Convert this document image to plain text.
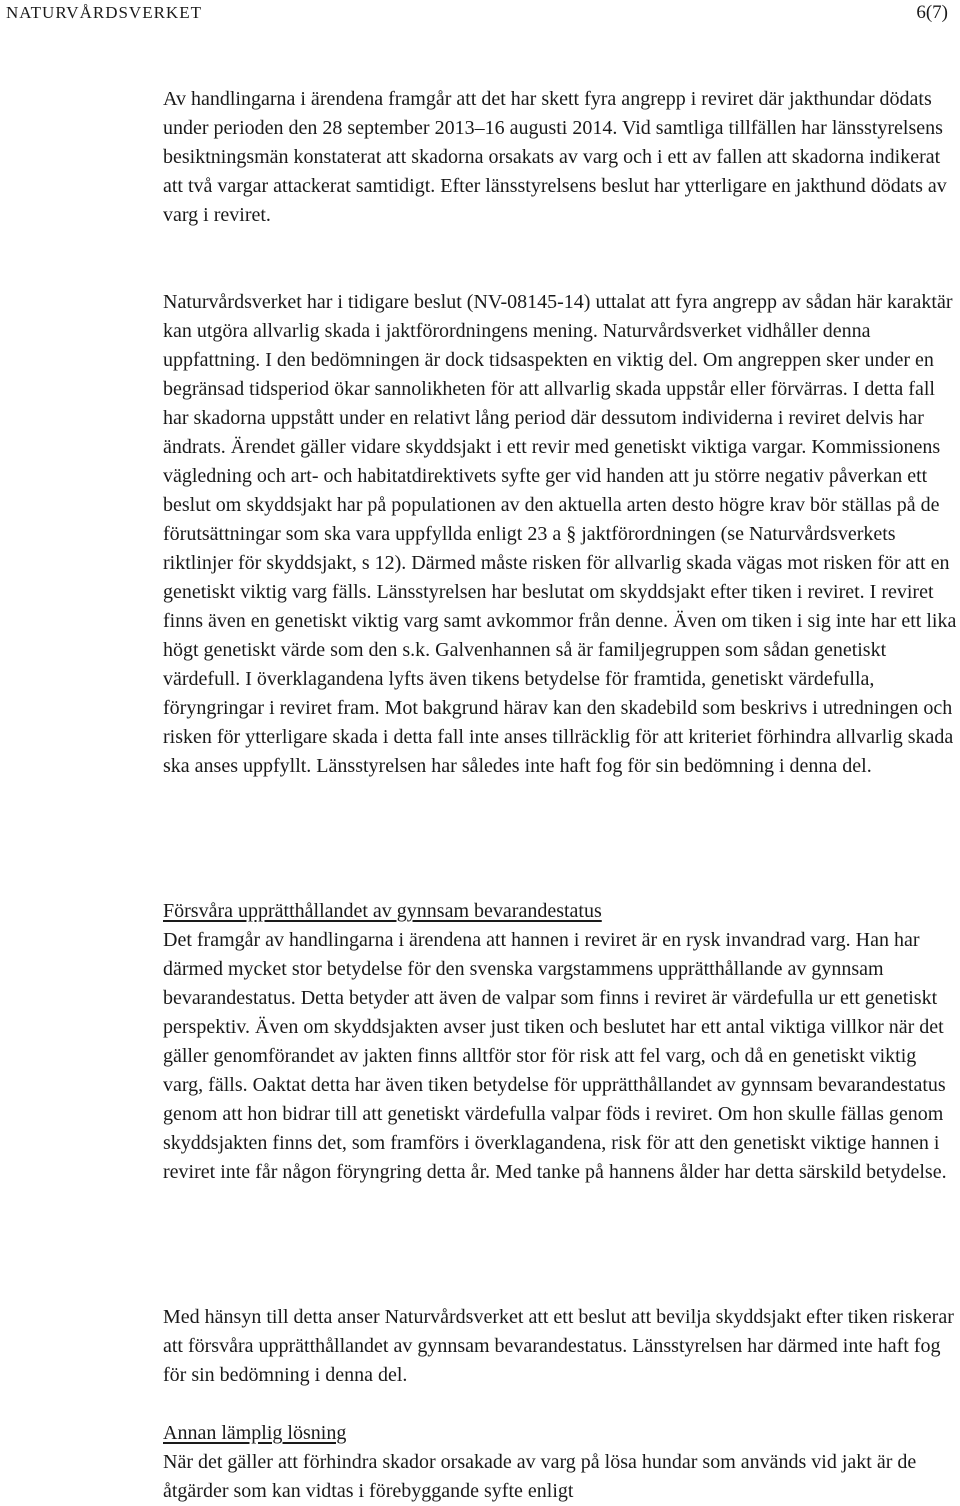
NATURVÅRDSVERKET	6(7)

Av handlingarna i ärendena framgår att det har skett fyra angrepp i reviret där jakthundar dödats under perioden den 28 september 2013–16 augusti 2014. Vid samtliga tillfällen har länsstyrelsens besiktningsmän konstaterat att skadorna orsakats av varg och i ett av fallen att skadorna indikerat att två vargar attackerat samtidigt. Efter länsstyrelsens beslut har ytterligare en jakthund dödats av varg i reviret.

Naturvårdsverket har i tidigare beslut (NV-08145-14) uttalat att fyra angrepp av sådan här karaktär kan utgöra allvarlig skada i jaktförordningens mening. Naturvårdsverket vidhåller denna uppfattning. I den bedömningen är dock tidsaspekten en viktig del. Om angreppen sker under en begränsad tidsperiod ökar sannolikheten för att allvarlig skada uppstår eller förvärras. I detta fall har skadorna uppstått under en relativt lång period där dessutom individerna i reviret delvis har ändrats. Ärendet gäller vidare skyddsjakt i ett revir med genetiskt viktiga vargar. Kommissionens vägledning och art- och habitatdirektivets syfte ger vid handen att ju större negativ påverkan ett beslut om skyddsjakt har på populationen av den aktuella arten desto högre krav bör ställas på de förutsättningar som ska vara uppfyllda enligt 23 a § jaktförordningen (se Naturvårdsverkets riktlinjer för skyddsjakt, s 12). Därmed måste risken för allvarlig skada vägas mot risken för att en genetiskt viktig varg fälls. Länsstyrelsen har beslutat om skyddsjakt efter tiken i reviret. I reviret finns även en genetiskt viktig varg samt avkommor från denne. Även om tiken i sig inte har ett lika högt genetiskt värde som den s.k. Galvenhannen så är familjegruppen som sådan genetiskt värdefull. I överklagandena lyfts även tikens betydelse för framtida, genetiskt värdefulla, föryngringar i reviret fram. Mot bakgrund härav kan den skadebild som beskrivs i utredningen och risken för ytterligare skada i detta fall inte anses tillräcklig för att kriteriet förhindra allvarlig skada ska anses uppfyllt. Länsstyrelsen har således inte haft fog för sin bedömning i denna del.

Försvåra upprätthållandet av gynnsam bevarandestatus

Det framgår av handlingarna i ärendena att hannen i reviret är en rysk invandrad varg. Han har därmed mycket stor betydelse för den svenska vargstammens upprätthållande av gynnsam bevarandestatus. Detta betyder att även de valpar som finns i reviret är värdefulla ur ett genetiskt perspektiv. Även om skyddsjakten avser just tiken och beslutet har ett antal viktiga villkor när det gäller genomförandet av jakten finns alltför stor för risk att fel varg, och då en genetiskt viktig varg, fälls. Oaktat detta har även tiken betydelse för upprätthållandet av gynnsam bevarandestatus genom att hon bidrar till att genetiskt värdefulla valpar föds i reviret. Om hon skulle fällas genom skyddsjakten finns det, som framförs i överklagandena, risk för att den genetiskt viktige hannen i reviret inte får någon föryngring detta år. Med tanke på hannens ålder har detta särskild betydelse.

Med hänsyn till detta anser Naturvårdsverket att ett beslut att bevilja skyddsjakt efter tiken riskerar att försvåra upprätthållandet av gynnsam bevarandestatus. Länsstyrelsen har därmed inte haft fog för sin bedömning i denna del.

Annan lämplig lösning

När det gäller att förhindra skador orsakade av varg på lösa hundar som används vid jakt är de åtgärder som kan vidtas i förebyggande syfte enligt
